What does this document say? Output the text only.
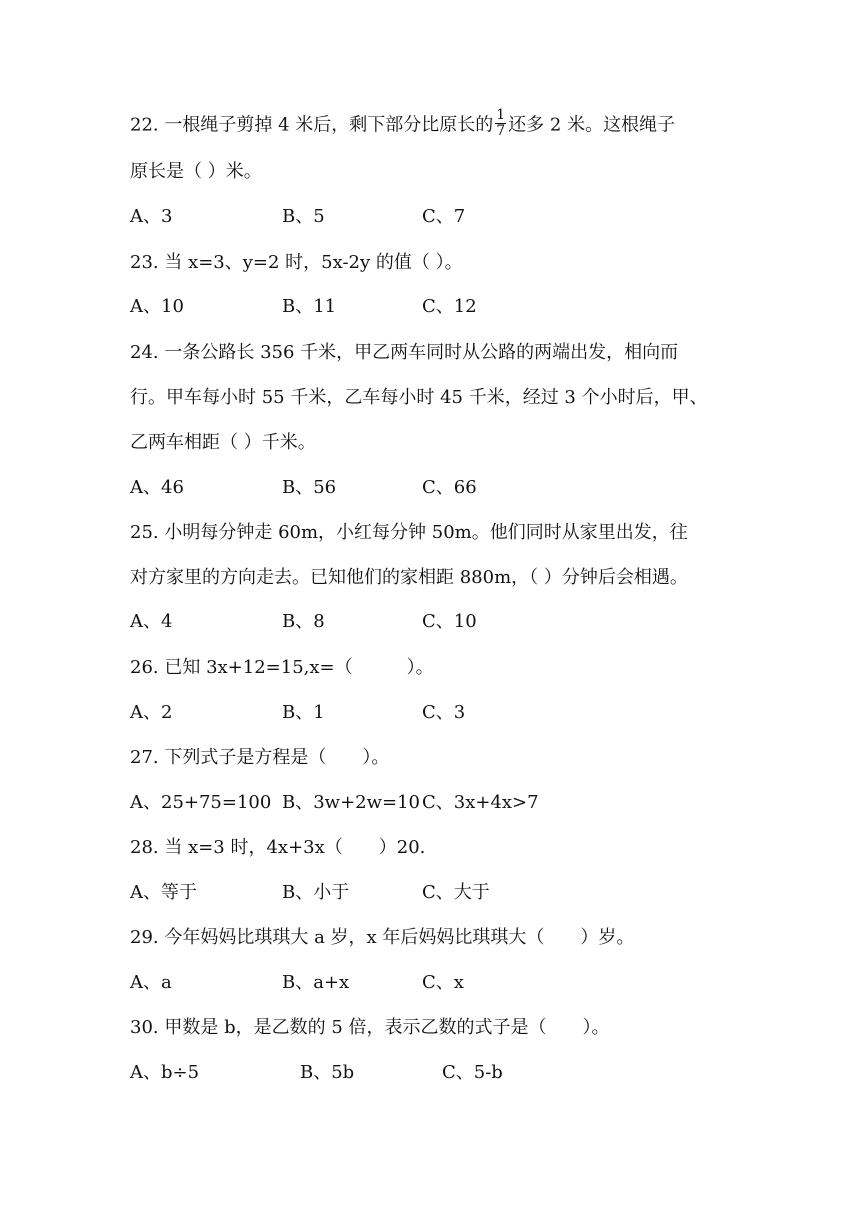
22. 一根绳子剪掉 4 米后，剩下部分比原长的 $\frac{1}{7}$ 还多 2 米。这根绳子
原长是（ ）米。
A、3	B、5	C、7
23. 当 x=3、y=2 时，5x-2y 的值（ ）。
A、10	B、11	C、12
24. 一条公路长 356 千米，甲乙两车同时从公路的两端出发，相向而
行。甲车每小时 55 千米，乙车每小时 45 千米，经过 3 个小时后，甲、
乙两车相距（ ）千米。
A、46	B、56	C、66
25. 小明每分钟走 60m，小红每分钟 50m。他们同时从家里出发，往
对方家里的方向走去。已知他们的家相距 880m，（ ）分钟后会相遇。
A、4	B、8	C、10
26. 已知 3x+12=15,x=（　　　）。
A、2	B、1	C、3
27. 下列式子是方程是（　　）。
A、25+75=100 B、3w+2w=10 C、3x+4x>7
28. 当 x=3 时，4x+3x（　　）20.
A、等于	B、小于	C、大于
29. 今年妈妈比琪琪大 a 岁，x 年后妈妈比琪琪大（　　）岁。
A、a	B、a+x	C、x
30. 甲数是 b，是乙数的 5 倍，表示乙数的式子是（　　）。
A、b÷5	B、5b	C、5-b
